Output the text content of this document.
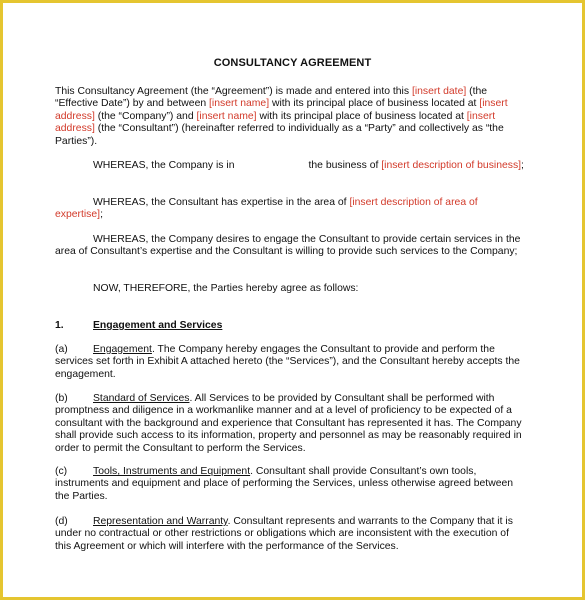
CONSULTANCY AGREEMENT
This Consultancy Agreement (the “Agreement”) is made and entered into this [insert date] (the “Effective Date”) by and between [insert name] with its principal place of business located at [insert address] (the “Company”) and [insert name] with its principal place of business located at [insert address] (the “Consultant”) (hereinafter referred to individually as a “Party” and collectively as “the Parties”).
WHEREAS, the Company is in	the business of [insert description of business];
WHEREAS, the Consultant has expertise in the area of [insert description of area of expertise];
WHEREAS, the Company desires to engage the Consultant to provide certain services in the area of Consultant’s expertise and the Consultant is willing to provide such services to the Company;
NOW, THEREFORE, the Parties hereby agree as follows:
1.	Engagement and Services
(a) Engagement. The Company hereby engages the Consultant to provide and perform the services set forth in Exhibit A attached hereto (the “Services”), and the Consultant hereby accepts the engagement.
(b) Standard of Services. All Services to be provided by Consultant shall be performed with promptness and diligence in a workmanlike manner and at a level of proficiency to be expected of a consultant with the background and experience that Consultant has represented it has. The Company shall provide such access to its information, property and personnel as may be reasonably required in order to permit the Consultant to perform the Services.
(c) Tools, Instruments and Equipment. Consultant shall provide Consultant’s own tools, instruments and equipment and place of performing the Services, unless otherwise agreed between the Parties.
(d) Representation and Warranty. Consultant represents and warrants to the Company that it is under no contractual or other restrictions or obligations which are inconsistent with the execution of this Agreement or which will interfere with the performance of the Services.
